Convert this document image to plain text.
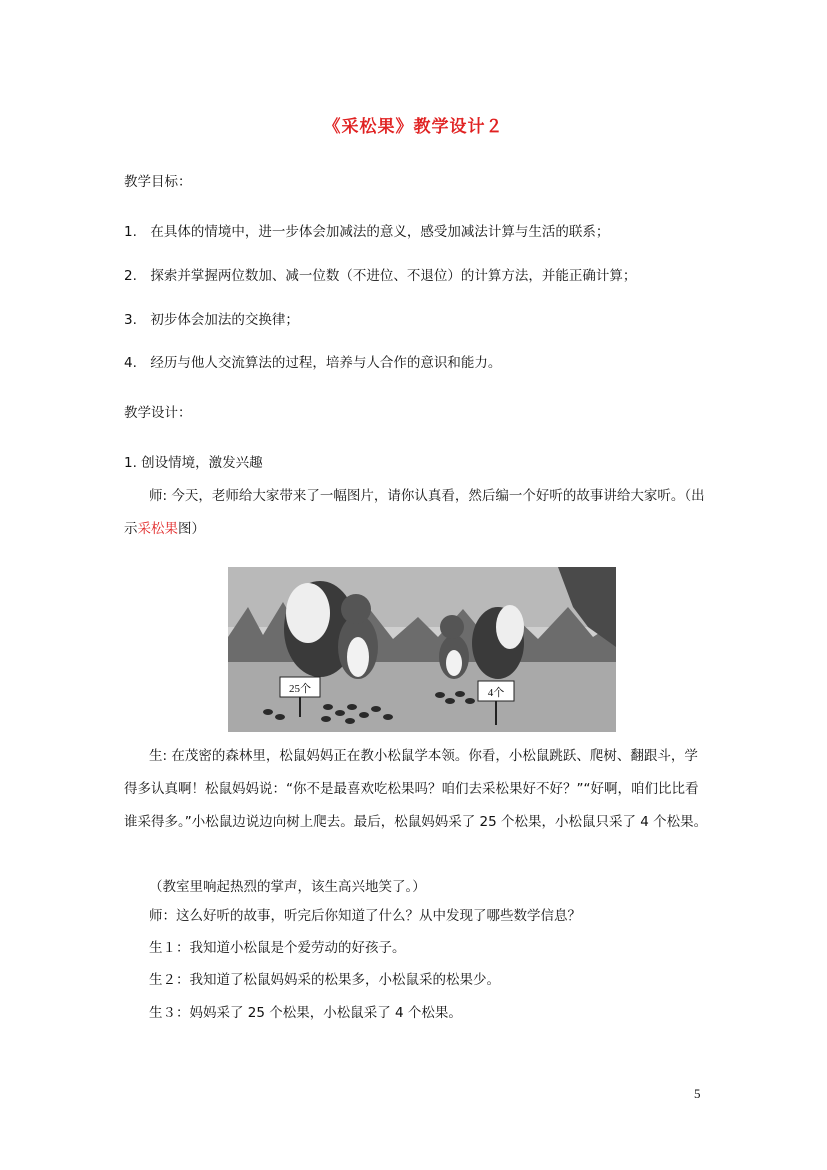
《采松果》教学设计２
教学目标：
1.　在具体的情境中，进一步体会加减法的意义，感受加减法计算与生活的联系；
2.　探索并掌握两位数加、减一位数（不进位、不退位）的计算方法，并能正确计算；
3.　初步体会加法的交换律；
4.　经历与他人交流算法的过程，培养与人合作的意识和能力。
教学设计：
1. 创设情境，激发兴趣
师: 今天，老师给大家带来了一幅图片，请你认真看，然后编一个好听的故事讲给大家听。（出示采松果图）
25个	4个
生: 在茂密的森林里，松鼠妈妈正在教小松鼠学本领。你看，小松鼠跳跃、爬树、翻跟斗，学得多认真啊！松鼠妈妈说：“你不是最喜欢吃松果吗？咱们去采松果好不好？”“好啊，咱们比比看谁采得多。”小松鼠边说边向树上爬去。最后，松鼠妈妈采了 25 个松果，小松鼠只采了 4 个松果。
（教室里响起热烈的掌声，该生高兴地笑了。）
师：这么好听的故事，听完后你知道了什么？从中发现了哪些数学信息？
生１：我知道小松鼠是个爱劳动的好孩子。
生２：我知道了松鼠妈妈采的松果多，小松鼠采的松果少。
生３：妈妈采了 25 个松果，小松鼠采了 4 个松果。
5
